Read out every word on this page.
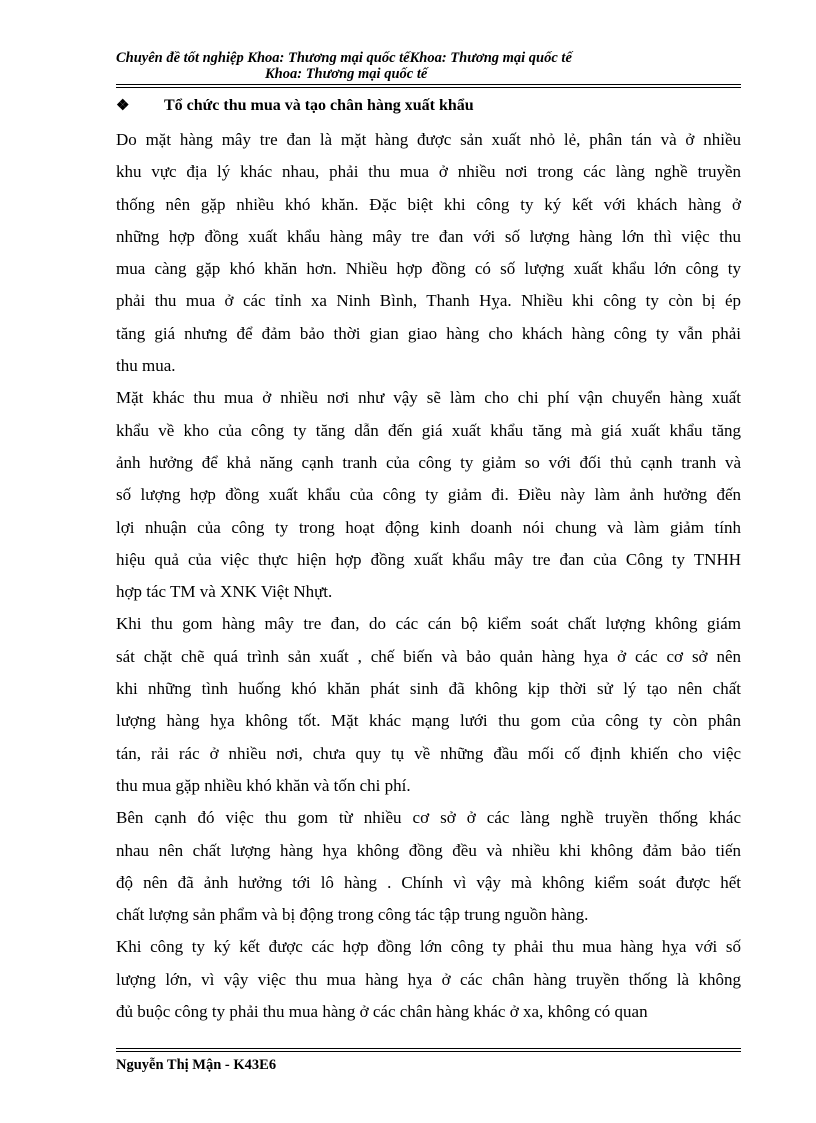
Chuyên đề tốt nghiệp Khoa: Thương mại quốc tếKhoa: Thương mại quốc tế
Khoa: Thương mại quốc tế
❖ Tổ chức thu mua và tạo chân hàng xuất khẩu
Do mặt hàng mây tre đan là mặt hàng được sản xuất nhỏ lẻ, phân tán và ở nhiều
khu vực địa lý khác nhau, phải thu mua ở nhiều nơi trong các làng nghề truyền
thống nên gặp nhiều khó khăn. Đặc biệt khi công ty ký kết với khách hàng ở
những hợp đồng xuất khẩu hàng mây tre đan với số lượng hàng lớn thì việc thu
mua càng gặp khó khăn hơn. Nhiều hợp đồng có số lượng xuất khẩu lớn công ty
phải thu mua ở các tỉnh xa Ninh Bình, Thanh Hỵa. Nhiều khi công ty còn bị ép
tăng giá nhưng để đảm bảo thời gian giao hàng cho khách hàng công ty vẫn phải
thu mua.
Mặt khác thu mua ở nhiều nơi như vậy sẽ làm cho chi phí vận chuyển hàng xuất
khẩu về kho của công ty tăng dẫn đến giá xuất khẩu tăng mà giá xuất khẩu tăng
ảnh hưởng để khả năng cạnh tranh của công ty giảm so với đối thủ cạnh tranh và
số lượng hợp đồng xuất khẩu của công ty giảm đi. Điều này làm ảnh hưởng đến
lợi nhuận của công ty trong hoạt động kinh doanh nói chung và làm giảm tính
hiệu quả của việc thực hiện hợp đồng xuất khẩu mây tre đan của Công ty TNHH
hợp tác TM và XNK Việt Nhựt.
Khi thu gom hàng mây tre đan, do các cán bộ kiểm soát chất lượng không giám
sát chặt chẽ quá trình sản xuất , chế biến và bảo quản hàng hỵa ở các cơ sở nên
khi những tình huống khó khăn phát sinh đã không kịp thời sử lý tạo nên chất
lượng hàng hỵa không tốt. Mặt khác mạng lưới thu gom của công ty còn phân
tán, rải rác ở nhiều nơi, chưa quy tụ về những đầu mối cố định khiến cho việc
thu mua gặp nhiều khó khăn và tốn chi phí.
Bên cạnh đó việc thu gom từ nhiều cơ sở ở các làng nghề truyền thống khác
nhau nên chất lượng hàng hỵa không đồng đều và nhiều khi không đảm bảo tiến
độ nên đã ảnh hưởng tới lô hàng . Chính vì vậy mà không kiểm soát được hết
chất lượng sản phẩm và bị động trong công tác tập trung nguồn hàng.
Khi công ty ký kết được các hợp đồng lớn công ty phải thu mua hàng hỵa với số
lượng lớn, vì vậy việc thu mua hàng hỵa ở các chân hàng truyền thống là không
đủ buộc công ty phải thu mua hàng ở các chân hàng khác ở xa, không có quan
Nguyễn Thị Mận - K43E6
